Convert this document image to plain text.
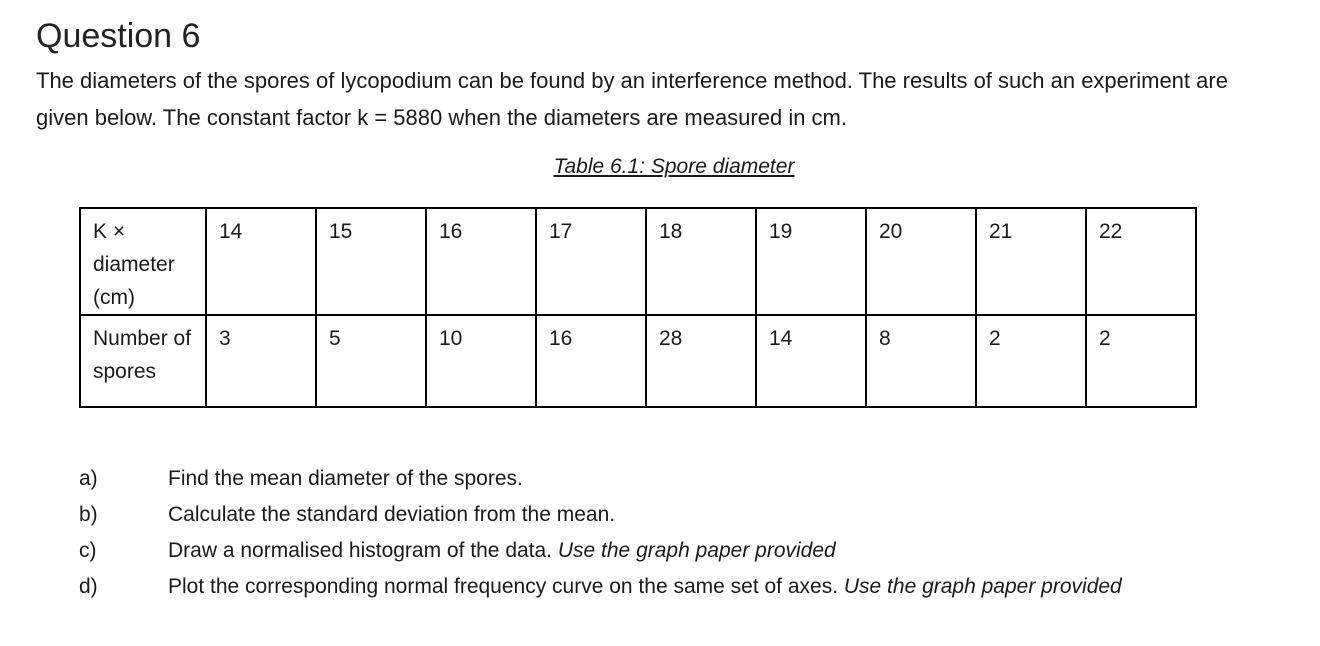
Question 6

The diameters of the spores of lycopodium can be found by an interference method. The results of such an experiment are given below. The constant factor k = 5880 when the diameters are measured in cm.

Table 6.1: Spore diameter
K × diameter (cm)	14	15	16	17	18	19	20	21	22
Number of spores	3	5	10	16	28	14	8	2	2
a)	Find the mean diameter of the spores.
b)	Calculate the standard deviation from the mean.
c)	Draw a normalised histogram of the data. Use the graph paper provided
d)	Plot the corresponding normal frequency curve on the same set of axes. Use the graph paper provided
